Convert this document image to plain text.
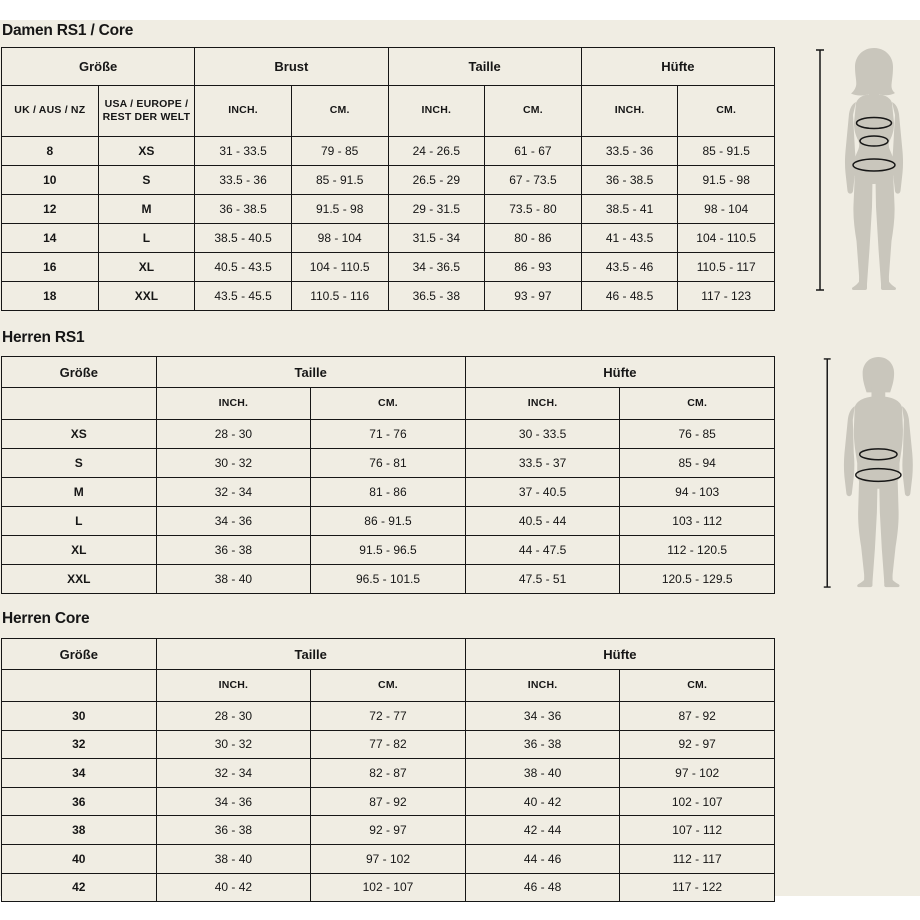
Damen RS1 / Core
Größe		Brust		Taille		Hüfte	
UK / AUS / NZ	USA / EUROPE / REST DER WELT	INCH.	CM.	INCH.	CM.	INCH.	CM.
8	XS	31 - 33.5	79 - 85	24 - 26.5	61 - 67	33.5 - 36	85 - 91.5
10	S	33.5 - 36	85 - 91.5	26.5 - 29	67 - 73.5	36 - 38.5	91.5 - 98
12	M	36 - 38.5	91.5 - 98	29 - 31.5	73.5 - 80	38.5 - 41	98 - 104
14	L	38.5 - 40.5	98 - 104	31.5 - 34	80 - 86	41 - 43.5	104 - 110.5
16	XL	40.5 - 43.5	104 - 110.5	34 - 36.5	86 - 93	43.5 - 46	110.5 - 117
18	XXL	43.5 - 45.5	110.5 - 116	36.5 - 38	93 - 97	46 - 48.5	117 - 123
Herren RS1
Größe	Taille		Hüfte	
	INCH.	CM.	INCH.	CM.
XS	28 - 30	71 - 76	30 - 33.5	76 - 85
S	30 - 32	76 - 81	33.5 - 37	85 - 94
M	32 - 34	81 - 86	37 - 40.5	94 - 103
L	34 - 36	86 - 91.5	40.5 - 44	103 - 112
XL	36 - 38	91.5 - 96.5	44 - 47.5	112 - 120.5
XXL	38 - 40	96.5 - 101.5	47.5 - 51	120.5 - 129.5
Herren Core
Größe	Taille		Hüfte	
	INCH.	CM.	INCH.	CM.
30	28 - 30	72 - 77	34 - 36	87 - 92
32	30 - 32	77 - 82	36 - 38	92 - 97
34	32 - 34	82 - 87	38 - 40	97 - 102
36	34 - 36	87 - 92	40 - 42	102 - 107
38	36 - 38	92 - 97	42 - 44	107 - 112
40	38 - 40	97 - 102	44 - 46	112 - 117
42	40 - 42	102 - 107	46 - 48	117 - 122
